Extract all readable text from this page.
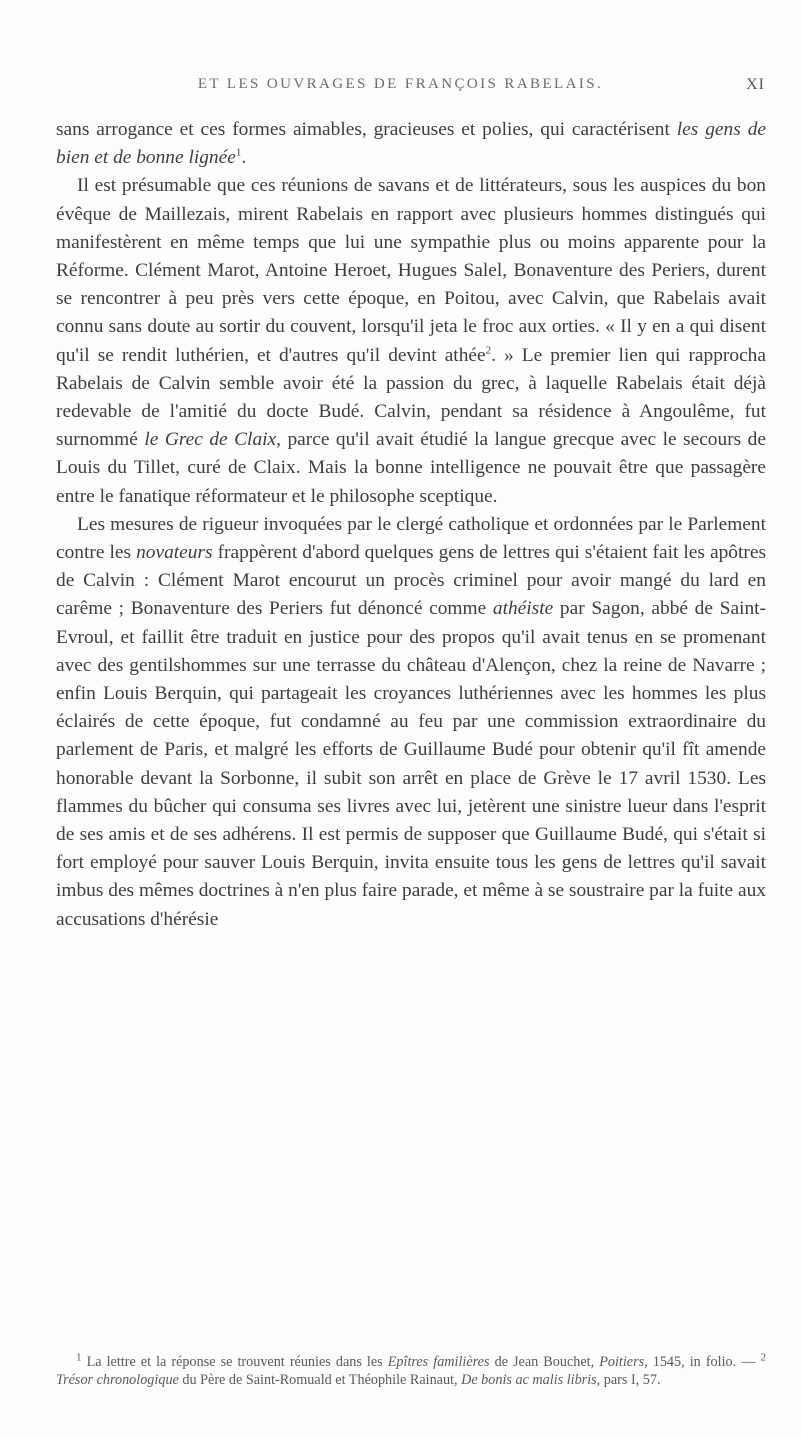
ET LES OUVRAGES DE FRANÇOIS RABELAIS.	XI

sans arrogance et ces formes aimables, gracieuses et polies, qui caractérisent les gens de bien et de bonne lignée$^1$.

Il est présumable que ces réunions de savans et de littérateurs, sous les auspices du bon évêque de Maillezais, mirent Rabelais en rapport avec plusieurs hommes distingués qui manifestèrent en même temps que lui une sympathie plus ou moins apparente pour la Réforme. Clément Marot, Antoine Heroet, Hugues Salel, Bonaventure des Periers, durent se rencontrer à peu près vers cette époque, en Poitou, avec Calvin, que Rabelais avait connu sans doute au sortir du couvent, lorsqu'il jeta le froc aux orties. « Il y en a qui disent qu'il se rendit luthérien, et d'autres qu'il devint athée$^2$. » Le premier lien qui rapprocha Rabelais de Calvin semble avoir été la passion du grec, à laquelle Rabelais était déjà redevable de l'amitié du docte Budé. Calvin, pendant sa résidence à Angoulême, fut surnommé le Grec de Claix, parce qu'il avait étudié la langue grecque avec le secours de Louis du Tillet, curé de Claix. Mais la bonne intelligence ne pouvait être que passagère entre le fanatique réformateur et le philosophe sceptique.

Les mesures de rigueur invoquées par le clergé catholique et ordonnées par le Parlement contre les novateurs frappèrent d'abord quelques gens de lettres qui s'étaient fait les apôtres de Calvin : Clément Marot encourut un procès criminel pour avoir mangé du lard en carême ; Bonaventure des Periers fut dénoncé comme athéiste par Sagon, abbé de Saint-Evroul, et faillit être traduit en justice pour des propos qu'il avait tenus en se promenant avec des gentilshommes sur une terrasse du château d'Alençon, chez la reine de Navarre ; enfin Louis Berquin, qui partageait les croyances luthériennes avec les hommes les plus éclairés de cette époque, fut condamné au feu par une commission extraordinaire du parlement de Paris, et malgré les efforts de Guillaume Budé pour obtenir qu'il fît amende honorable devant la Sorbonne, il subit son arrêt en place de Grève le 17 avril 1530. Les flammes du bûcher qui consuma ses livres avec lui, jetèrent une sinistre lueur dans l'esprit de ses amis et de ses adhérens. Il est permis de supposer que Guillaume Budé, qui s'était si fort employé pour sauver Louis Berquin, invita ensuite tous les gens de lettres qu'il savait imbus des mêmes doctrines à n'en plus faire parade, et même à se soustraire par la fuite aux accusations d'hérésie

$^1$ La lettre et la réponse se trouvent réunies dans les Epîtres familières de Jean Bouchet, Poitiers, 1545, in folio. — $^2$ Trésor chronologique du Père de Saint-Romuald et Théophile Rainaut, De bonis ac malis libris, pars I, 57.
